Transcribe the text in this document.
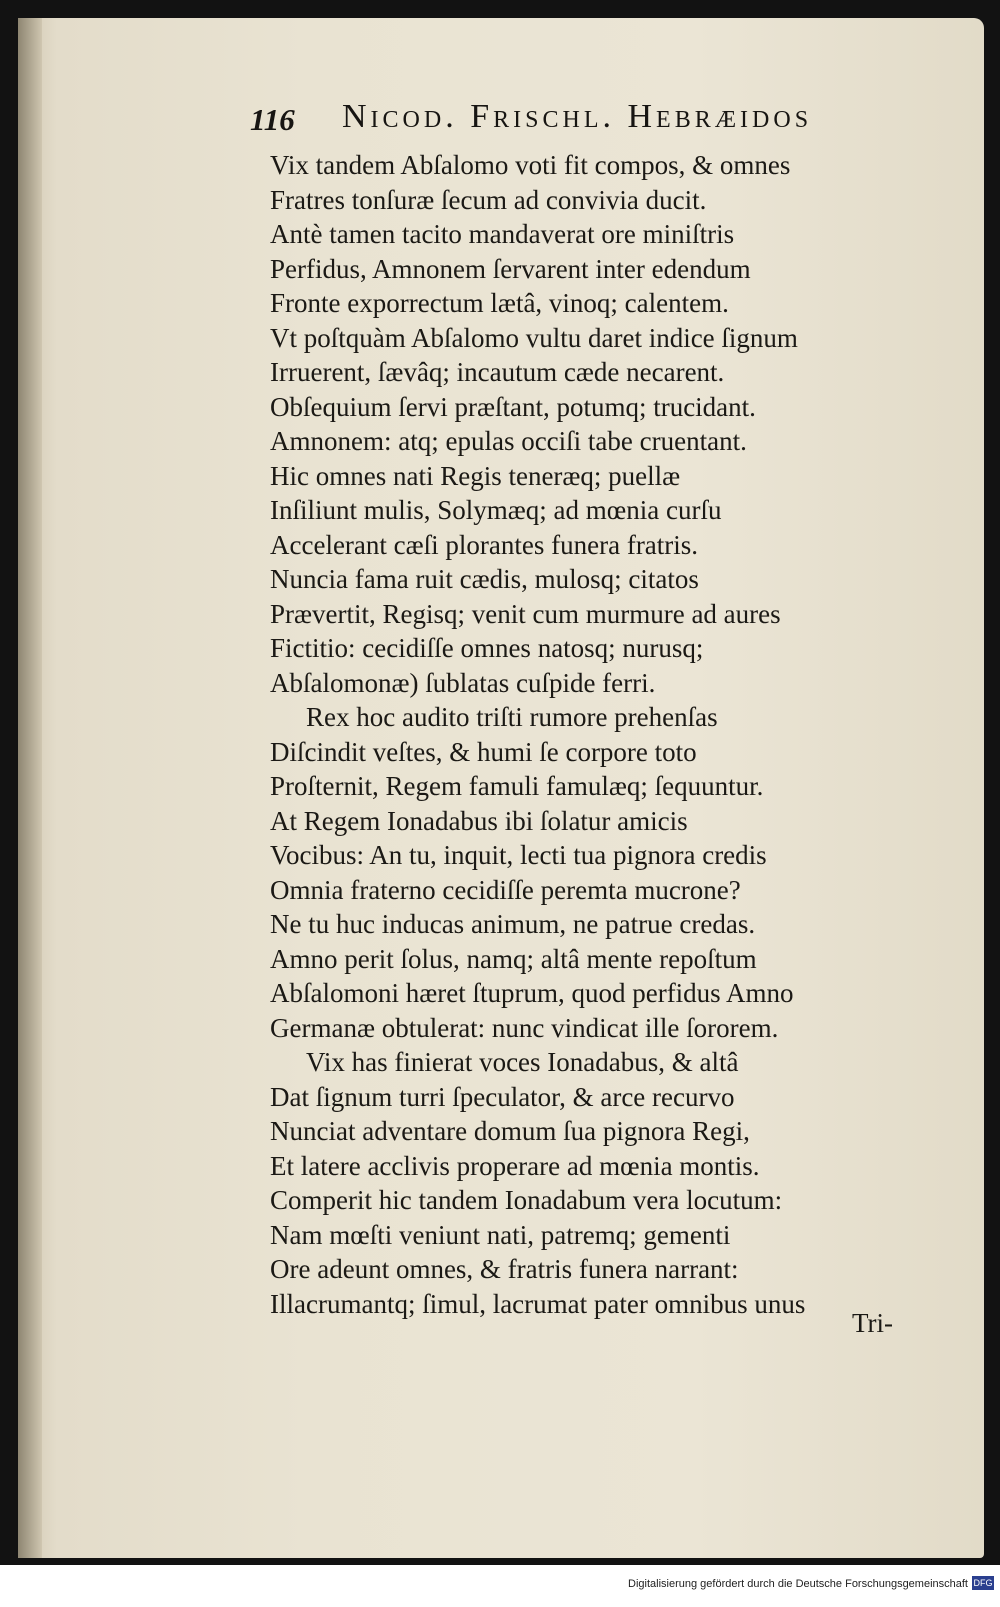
116 Nicod. Frischl. Hebræidos
Vix tandem Abſalomo voti fit compos, & omnes
Fratres tonſuræ ſecum ad convivia ducit.
Antè tamen tacito mandaverat ore miniſtris
Perfidus, Amnonem ſervarent inter edendum
Fronte exporrectum lætâ, vinoq; calentem.
Vt poſtquàm Abſalomo vultu daret indice ſignum
Irruerent, ſævâq; incautum cæde necarent.
Obſequium ſervi præſtant, potumq; trucidant.
Amnonem: atq; epulas occiſi tabe cruentant.
Hic omnes nati Regis teneræq; puellæ
Inſiliunt mulis, Solymæq; ad mœnia curſu
Accelerant cæſi plorantes funera fratris.
Nuncia fama ruit cædis, mulosq; citatos
Prævertit, Regisq; venit cum murmure ad aures
Fictitio: cecidiſſe omnes natosq; nurusq;
Abſalomonæ) ſublatas cuſpide ferri.
Rex hoc audito triſti rumore prehenſas
Diſcindit veſtes, & humi ſe corpore toto
Proſternit, Regem famuli famulæq; ſequuntur.
At Regem Ionadabus ibi ſolatur amicis
Vocibus: An tu, inquit, lecti tua pignora credis
Omnia fraterno cecidiſſe peremta mucrone?
Ne tu huc inducas animum, ne patrue credas.
Amno perit ſolus, namq; altâ mente repoſtum
Abſalomoni hæret ſtuprum, quod perfidus Amno
Germanæ obtulerat: nunc vindicat ille ſororem.
Vix has finierat voces Ionadabus, & altâ
Dat ſignum turri ſpeculator, & arce recurvo
Nunciat adventare domum ſua pignora Regi,
Et latere acclivis properare ad mœnia montis.
Comperit hic tandem Ionadabum vera locutum:
Nam mœſti veniunt nati, patremq; gementi
Ore adeunt omnes, & fratris funera narrant:
Illacrumantq; ſimul, lacrumat pater omnibus unus
Tri-
Digitalisierung gefördert durch die Deutsche Forschungsgemeinschaft DFG
